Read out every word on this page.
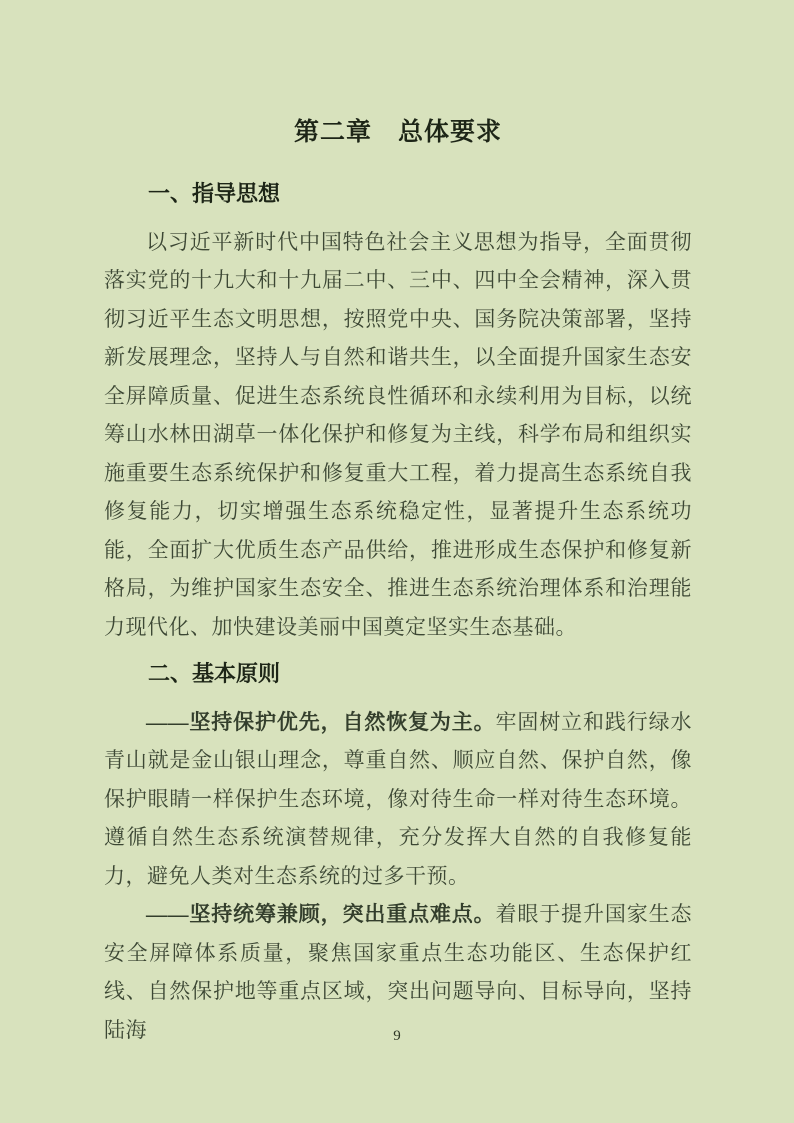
第二章　总体要求
一、指导思想

以习近平新时代中国特色社会主义思想为指导，全面贯彻落实党的十九大和十九届二中、三中、四中全会精神，深入贯彻习近平生态文明思想，按照党中央、国务院决策部署，坚持新发展理念，坚持人与自然和谐共生，以全面提升国家生态安全屏障质量、促进生态系统良性循环和永续利用为目标，以统筹山水林田湖草一体化保护和修复为主线，科学布局和组织实施重要生态系统保护和修复重大工程，着力提高生态系统自我修复能力，切实增强生态系统稳定性，显著提升生态系统功能，全面扩大优质生态产品供给，推进形成生态保护和修复新格局，为维护国家生态安全、推进生态系统治理体系和治理能力现代化、加快建设美丽中国奠定坚实生态基础。

二、基本原则

——坚持保护优先，自然恢复为主。牢固树立和践行绿水青山就是金山银山理念，尊重自然、顺应自然、保护自然，像保护眼睛一样保护生态环境，像对待生命一样对待生态环境。遵循自然生态系统演替规律，充分发挥大自然的自我修复能力，避免人类对生态系统的过多干预。

——坚持统筹兼顾，突出重点难点。着眼于提升国家生态安全屏障体系质量，聚焦国家重点生态功能区、生态保护红线、自然保护地等重点区域，突出问题导向、目标导向，坚持陆海	9
